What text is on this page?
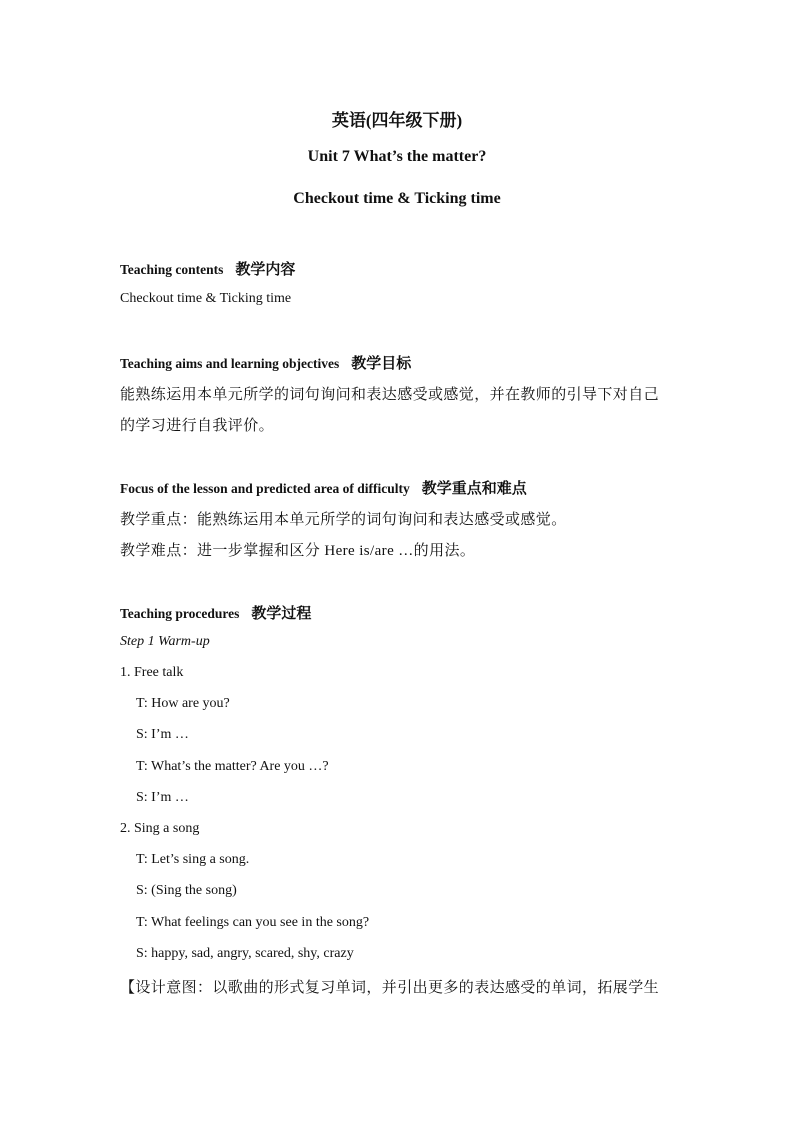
英语(四年级下册)
Unit 7 What’s the matter?
Checkout time & Ticking time
Teaching contents 教学内容
Checkout time & Ticking time
Teaching aims and learning objectives 教学目标
能熟练运用本单元所学的词句询问和表达感受或感觉，并在教师的引导下对自己
的学习进行自我评价。
Focus of the lesson and predicted area of difficulty 教学重点和难点
教学重点：能熟练运用本单元所学的词句询问和表达感受或感觉。
教学难点：进一步掌握和区分 Here is/are …的用法。
Teaching procedures 教学过程
Step 1 Warm-up
1. Free talk
T: How are you?
S: I’m …
T: What’s the matter? Are you …?
S: I’m …
2. Sing a song
T: Let’s sing a song.
S: (Sing the song)
T: What feelings can you see in the song?
S: happy, sad, angry, scared, shy, crazy
【设计意图：以歌曲的形式复习单词，并引出更多的表达感受的单词，拓展学生
